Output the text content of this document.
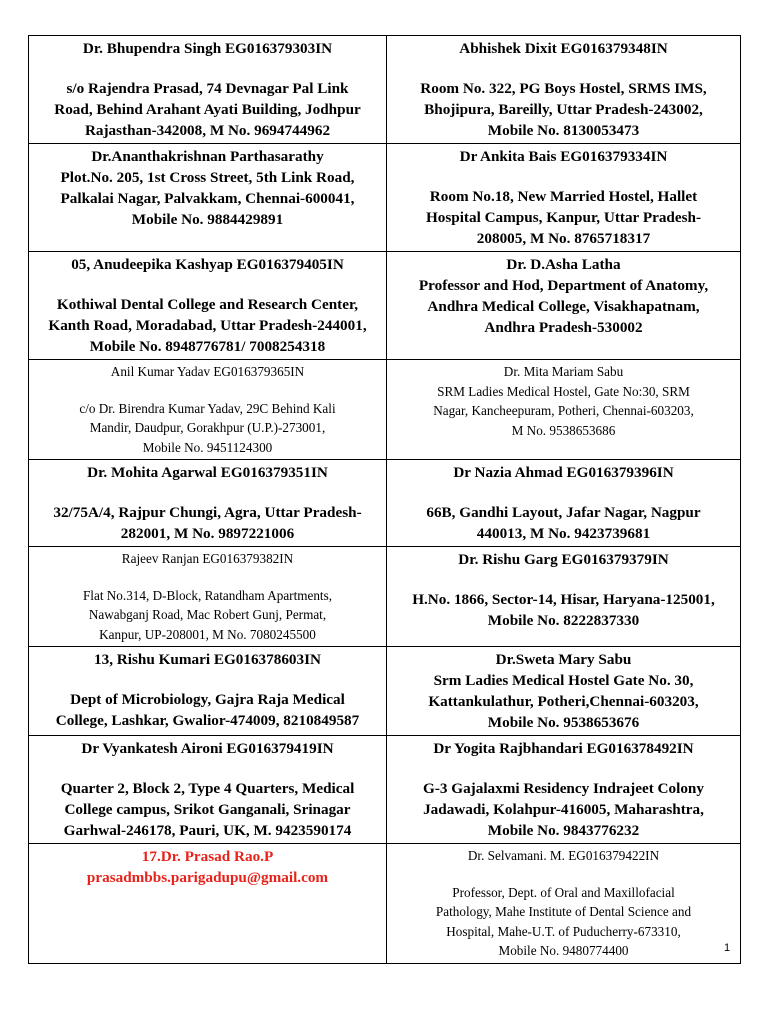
Dr. Bhupendra Singh EG016379303IN
s/o Rajendra Prasad, 74 Devnagar Pal Link
Road, Behind Arahant Ayati Building, Jodhpur
Rajasthan-342008, M No. 9694744962	Abhishek Dixit EG016379348IN
Room No. 322, PG Boys Hostel, SRMS IMS,
Bhojipura, Bareilly, Uttar Pradesh-243002,
Mobile No. 8130053473

Dr.Ananthakrishnan Parthasarathy
Plot.No. 205, 1st Cross Street, 5th Link Road,
Palkalai Nagar, Palvakkam, Chennai-600041,
Mobile No. 9884429891	Dr Ankita Bais EG016379334IN
Room No.18, New Married Hostel, Hallet
Hospital Campus, Kanpur, Uttar Pradesh-
208005, M No. 8765718317

05, Anudeepika Kashyap EG016379405IN
Kothiwal Dental College and Research Center,
Kanth Road, Moradabad, Uttar Pradesh-244001,
Mobile No. 8948776781/ 7008254318	Dr. D.Asha Latha
Professor and Hod, Department of Anatomy,
Andhra Medical College, Visakhapatnam,
Andhra Pradesh-530002

Anil Kumar Yadav EG016379365IN
c/o Dr. Birendra Kumar Yadav, 29C Behind Kali
Mandir, Daudpur, Gorakhpur (U.P.)-273001,
Mobile No. 9451124300	Dr. Mita Mariam Sabu
SRM Ladies Medical Hostel, Gate No:30, SRM
Nagar, Kancheepuram, Potheri, Chennai-603203,
M No. 9538653686

Dr. Mohita Agarwal EG016379351IN
32/75A/4, Rajpur Chungi, Agra, Uttar Pradesh-
282001, M No. 9897221006	Dr Nazia Ahmad EG016379396IN
66B, Gandhi Layout, Jafar Nagar, Nagpur
440013, M No. 9423739681

Rajeev Ranjan EG016379382IN
Flat No.314, D-Block, Ratandham Apartments,
Nawabganj Road, Mac Robert Gunj, Permat,
Kanpur, UP-208001, M No. 7080245500	Dr. Rishu Garg EG016379379IN
H.No. 1866, Sector-14, Hisar, Haryana-125001,
Mobile No. 8222837330

13, Rishu Kumari EG016378603IN
Dept of Microbiology, Gajra Raja Medical
College, Lashkar, Gwalior-474009, 8210849587	Dr.Sweta Mary Sabu
Srm Ladies Medical Hostel Gate No. 30,
Kattankulathur, Potheri,Chennai-603203,
Mobile No. 9538653676

Dr Vyankatesh Aironi EG016379419IN
Quarter 2, Block 2, Type 4 Quarters, Medical
College campus, Srikot Ganganali, Srinagar
Garhwal-246178, Pauri, UK, M. 9423590174	Dr Yogita Rajbhandari EG016378492IN
G-3 Gajalaxmi Residency Indrajeet Colony
Jadawadi, Kolahpur-416005, Maharashtra,
Mobile No. 9843776232

17.Dr. Prasad Rao.P
prasadmbbs.parigadupu@gmail.com	Dr. Selvamani. M. EG016379422IN
Professor, Dept. of Oral and Maxillofacial
Pathology, Mahe Institute of Dental Science and
Hospital, Mahe-U.T. of Puducherry-673310,
Mobile No. 9480774400	1
